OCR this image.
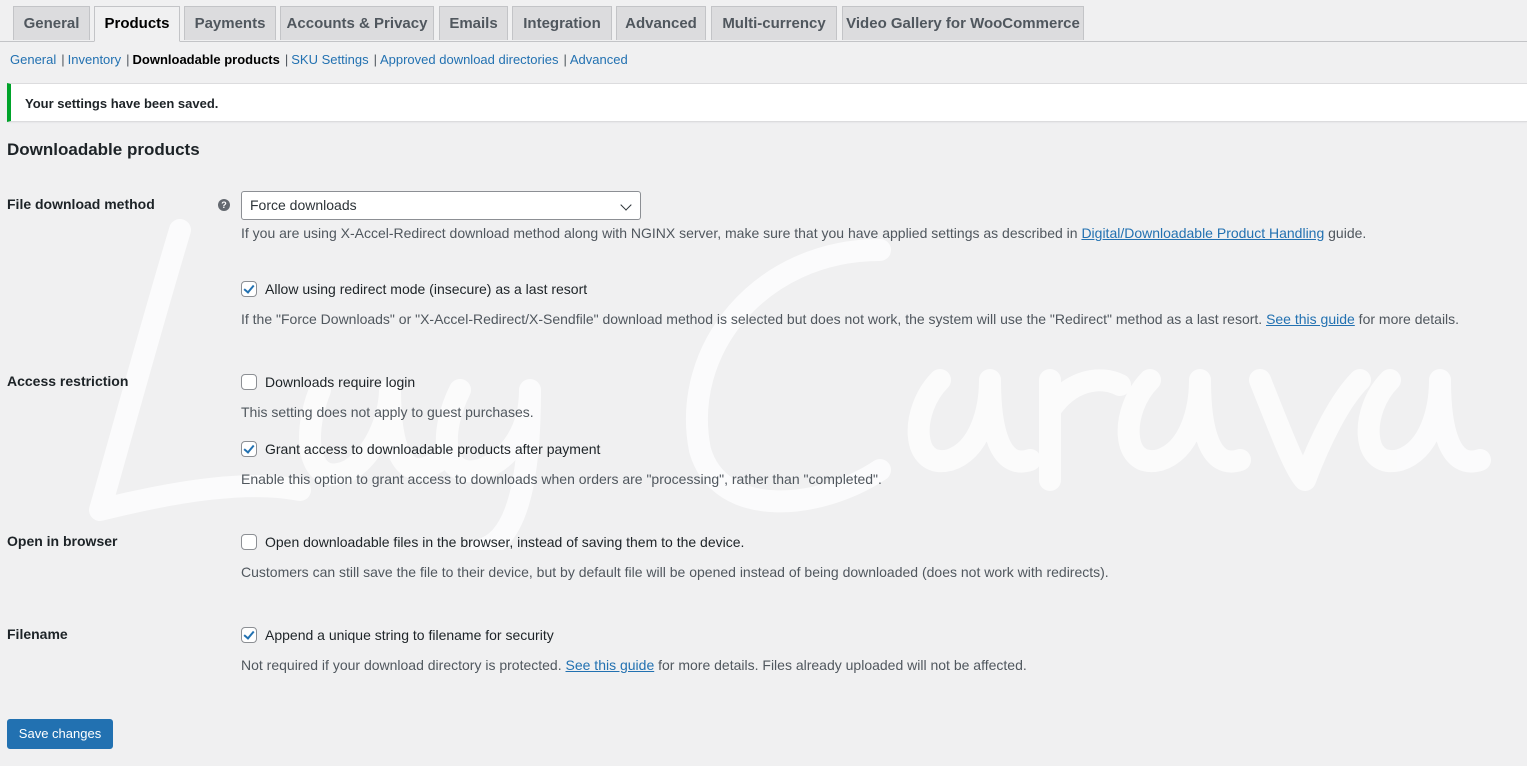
General	Products	Payments	Accounts & Privacy	Emails	Integration	Advanced	Multi-currency	Video Gallery for WooCommerce
General | Inventory | Downloadable products | SKU Settings | Approved download directories | Advanced

Your settings have been saved.

Downloadable products
File download method	?	Force downloads
If you are using X-Accel-Redirect download method along with NGINX server, make sure that you have applied settings as described in Digital/Downloadable Product Handling guide.
Allow using redirect mode (insecure) as a last resort
If the "Force Downloads" or "X-Accel-Redirect/X-Sendfile" download method is selected but does not work, the system will use the "Redirect" method as a last resort. See this guide for more details.
Access restriction	Downloads require login
This setting does not apply to guest purchases.
Grant access to downloadable products after payment
Enable this option to grant access to downloads when orders are "processing", rather than "completed".
Open in browser	Open downloadable files in the browser, instead of saving them to the device.
Customers can still save the file to their device, but by default file will be opened instead of being downloaded (does not work with redirects).
Filename	Append a unique string to filename for security
Not required if your download directory is protected. See this guide for more details. Files already uploaded will not be affected.
Save changes
